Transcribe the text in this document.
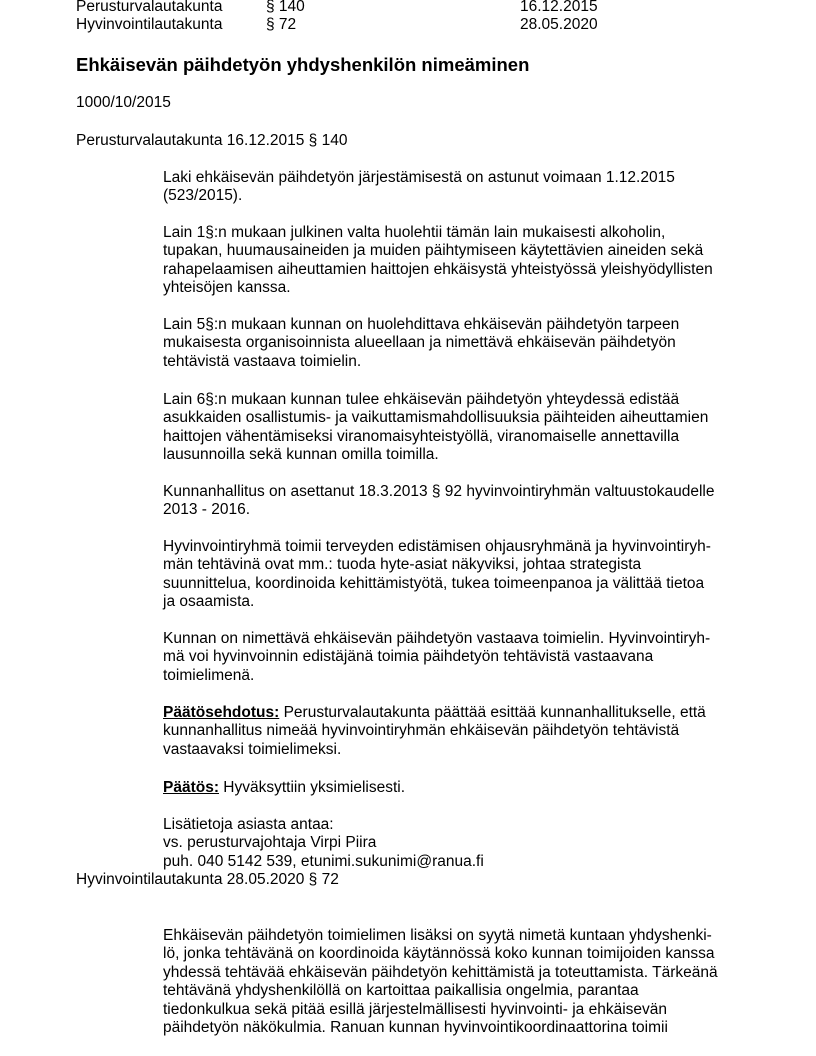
Perusturvalautakunta	§ 140	16.12.2015
Hyvinvointilautakunta	§ 72	28.05.2020
Ehkäisevän päihdetyön yhdyshenkilön nimeäminen
1000/10/2015
Perusturvalautakunta 16.12.2015 § 140
Laki ehkäisevän päihdetyön järjestämisestä on astunut voimaan 1.12.2015
(523/2015).
Lain 1§:n mukaan julkinen valta huolehtii tämän lain mukaisesti alkoholin,
tupakan, huumausaineiden ja muiden päihtymiseen käytettävien aineiden sekä
rahapelaamisen aiheuttamien haittojen ehkäisystä yhteistyössä yleishyödyllisten
yhteisöjen kanssa.
Lain 5§:n mukaan kunnan on huolehdittava ehkäisevän päihdetyön tarpeen
mukaisesta organisoinnista alueellaan ja nimettävä ehkäisevän päihdetyön
tehtävistä vastaava toimielin.
Lain 6§:n mukaan kunnan tulee ehkäisevän päihdetyön yhteydessä edistää
asukkaiden osallistumis- ja vaikuttamismahdollisuuksia päihteiden aiheuttamien
haittojen vähentämiseksi viranomaisyhteistyöllä, viranomaiselle annettavilla
lausunnoilla sekä kunnan omilla toimilla.
Kunnanhallitus on asettanut 18.3.2013 § 92 hyvinvointiryhmän valtuustokaudelle
2013 - 2016.
Hyvinvointiryhmä toimii terveyden edistämisen ohjausryhmänä ja hyvinvointiryh-
män tehtävinä ovat mm.: tuoda hyte-asiat näkyviksi, johtaa strategista
suunnittelua, koordinoida kehittämistyötä, tukea toimeenpanoa ja välittää tietoa
ja osaamista.
Kunnan on nimettävä ehkäisevän päihdetyön vastaava toimielin. Hyvinvointiryh-
mä voi hyvinvoinnin edistäjänä toimia päihdetyön tehtävistä vastaavana
toimielimenä.
Päätösehdotus: Perusturvalautakunta päättää esittää kunnanhallitukselle, että
kunnanhallitus nimeää hyvinvointiryhmän ehkäisevän päihdetyön tehtävistä
vastaavaksi toimielimeksi.
Päätös: Hyväksyttiin yksimielisesti.
Lisätietoja asiasta antaa:
vs. perusturvajohtaja Virpi Piira
puh. 040 5142 539, etunimi.sukunimi@ranua.fi
Hyvinvointilautakunta 28.05.2020 § 72
Ehkäisevän päihdetyön toimielimen lisäksi on syytä nimetä kuntaan yhdyshenki-
lö, jonka tehtävänä on koordinoida käytännössä koko kunnan toimijoiden kanssa
yhdessä tehtävää ehkäisevän päihdetyön kehittämistä ja toteuttamista. Tärkeänä
tehtävänä yhdyshenkilöllä on kartoittaa paikallisia ongelmia, parantaa
tiedonkulkua sekä pitää esillä järjestelmällisesti hyvinvointi- ja ehkäisevän
päihdetyön näkökulmia. Ranuan kunnan hyvinvointikoordinaattorina toimii
